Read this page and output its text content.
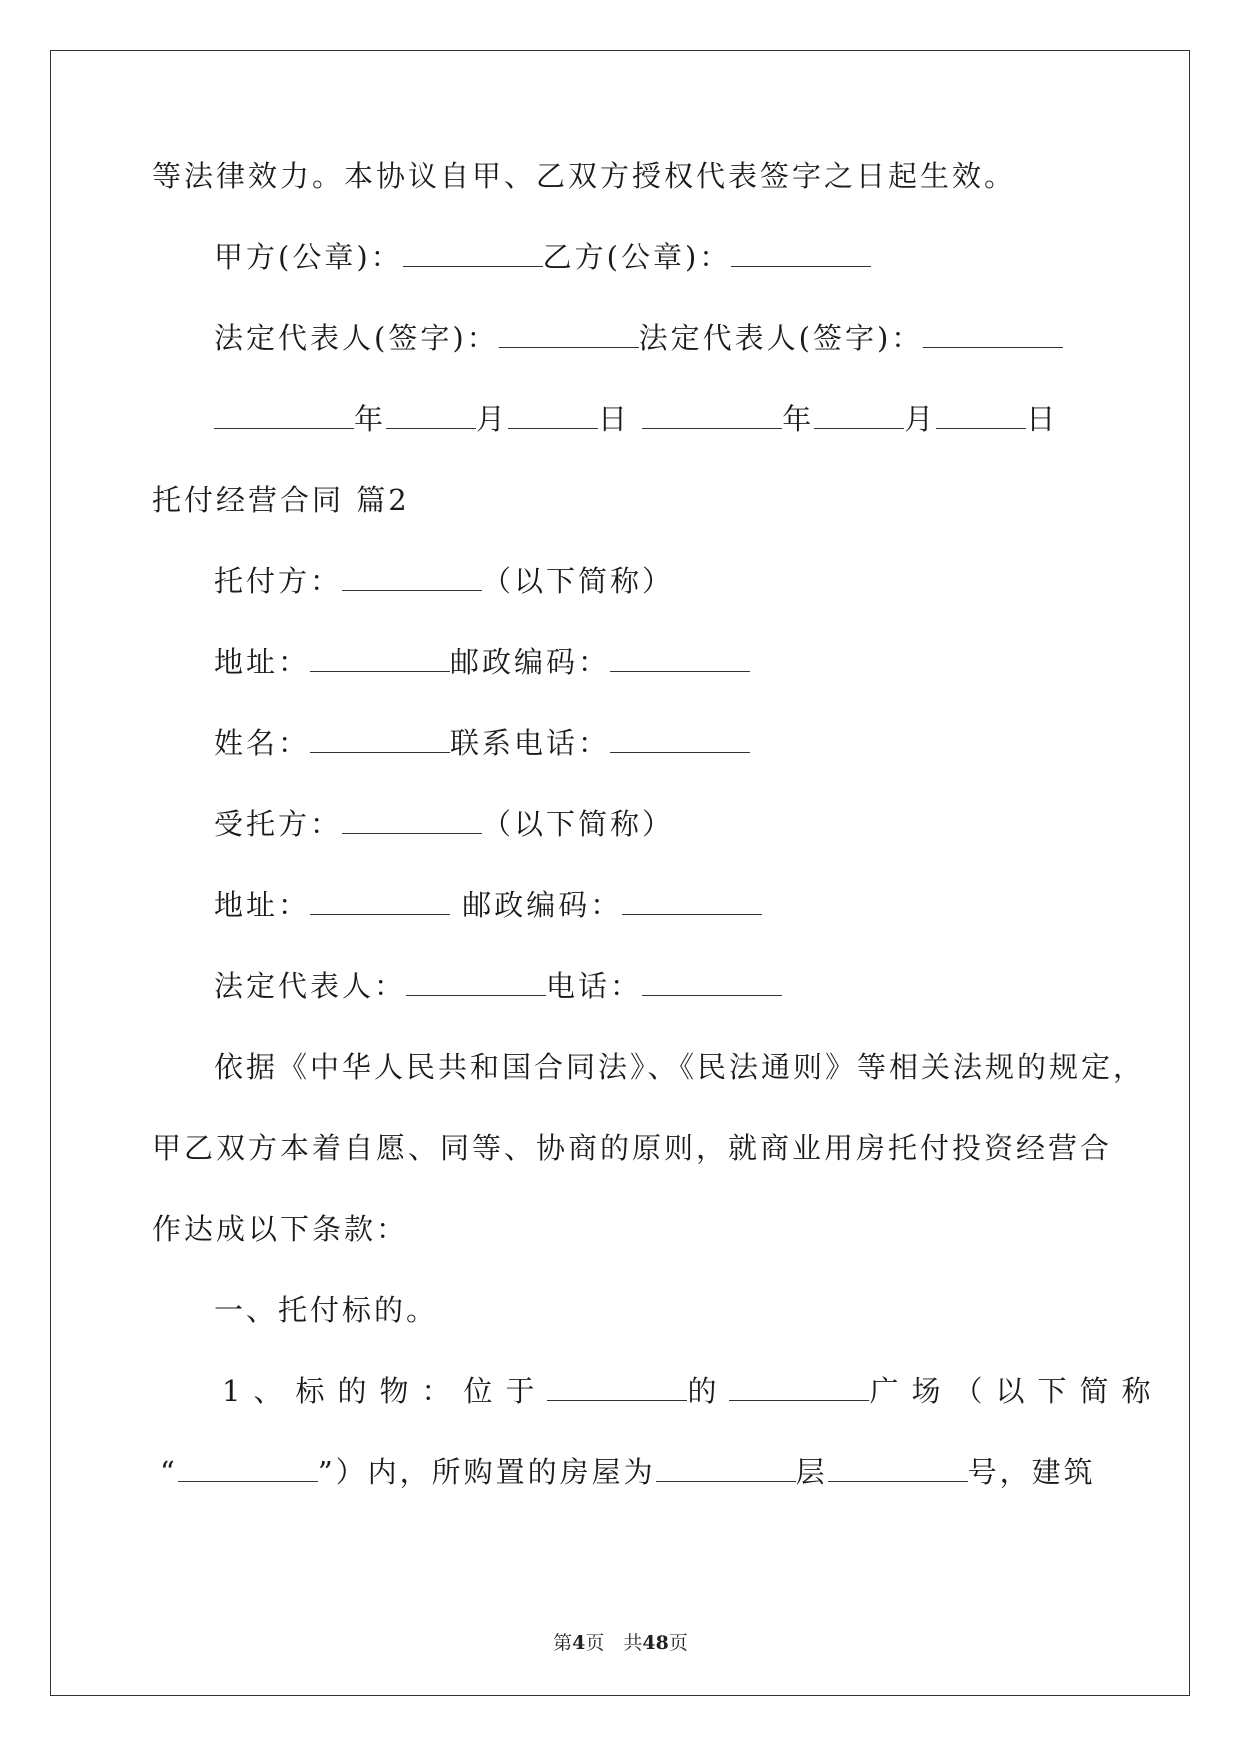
等法律效力。本协议自甲、乙双方授权代表签字之日起生效。
甲方(公章)：	乙方(公章)：
法定代表人(签字)：	法定代表人(签字)：
年	月	日	年	月	日
托付经营合同 篇2
托付方：	（以下简称）
地址：	邮政编码：
姓名：	联系电话：
受托方：	（以下简称）
地址：	邮政编码：
法定代表人：	电话：
依据《中华人民共和国合同法》、《民法通则》等相关法规的规定，
甲乙双方本着自愿、同等、协商的原则，就商业用房托付投资经营合
作达成以下条款：
一、托付标的。
1、标的物：位于	的	广场（以下简称
“	”）内，所购置的房屋为	层	号，建筑
第4页　共48页
